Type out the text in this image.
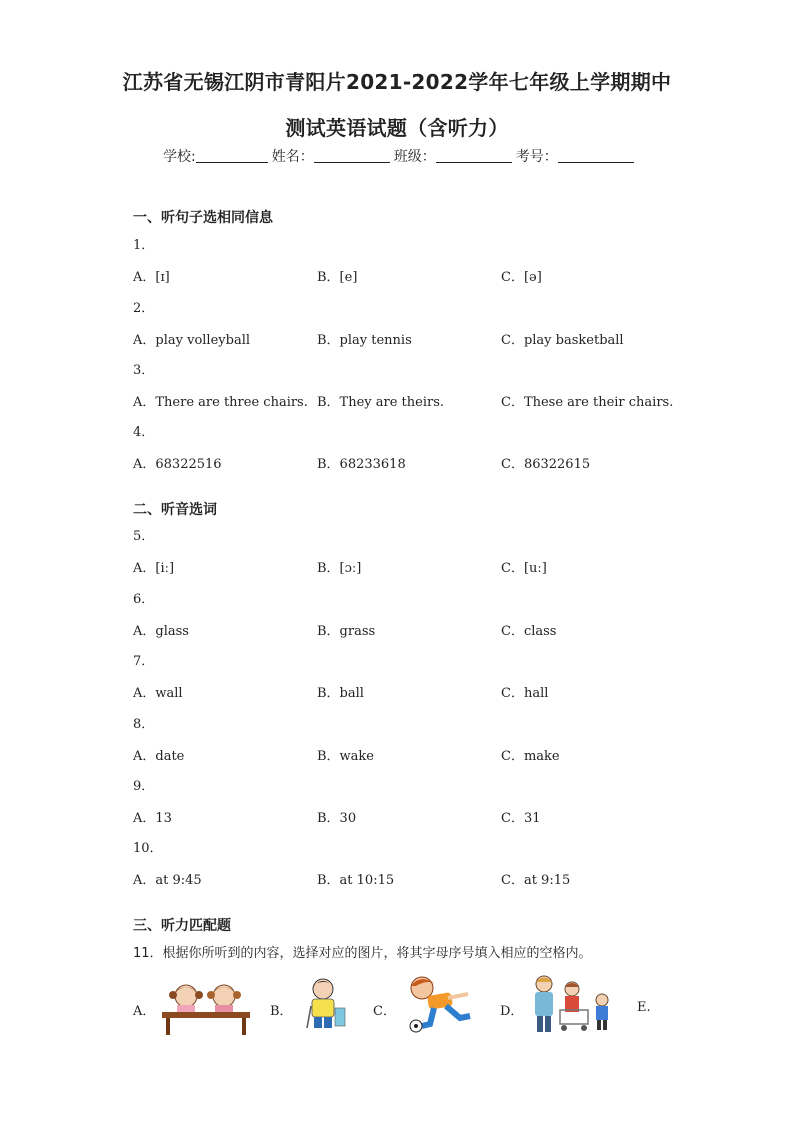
江苏省无锡江阴市青阳片2021-2022学年七年级上学期期中
测试英语试题（含听力）
学校:	姓名：	班级：	考号：
一、听句子选相同信息
1．
A．[ɪ]	B．[e]	C．[ə]
2．
A．play volleyball	B．play tennis	C．play basketball
3．
A．There are three chairs. B．They are theirs.	C．These are their chairs.
4．
A．68322516	B．68233618	C．86322615
二、听音选词
5．
A．[iː]	B．[ɔː]	C．[uː]
6．
A．glass	B．grass	C．class
7．
A．wall	B．ball	C．hall
8．
A．date	B．wake	C．make
9．
A．13	B．30	C．31
10．
A．at 9:45	B．at 10:15	C．at 9:15
三、听力匹配题
11．根据你所听到的内容，选择对应的图片，将其字母序号填入相应的空格内。
A．	B．	C．	D．	E.
